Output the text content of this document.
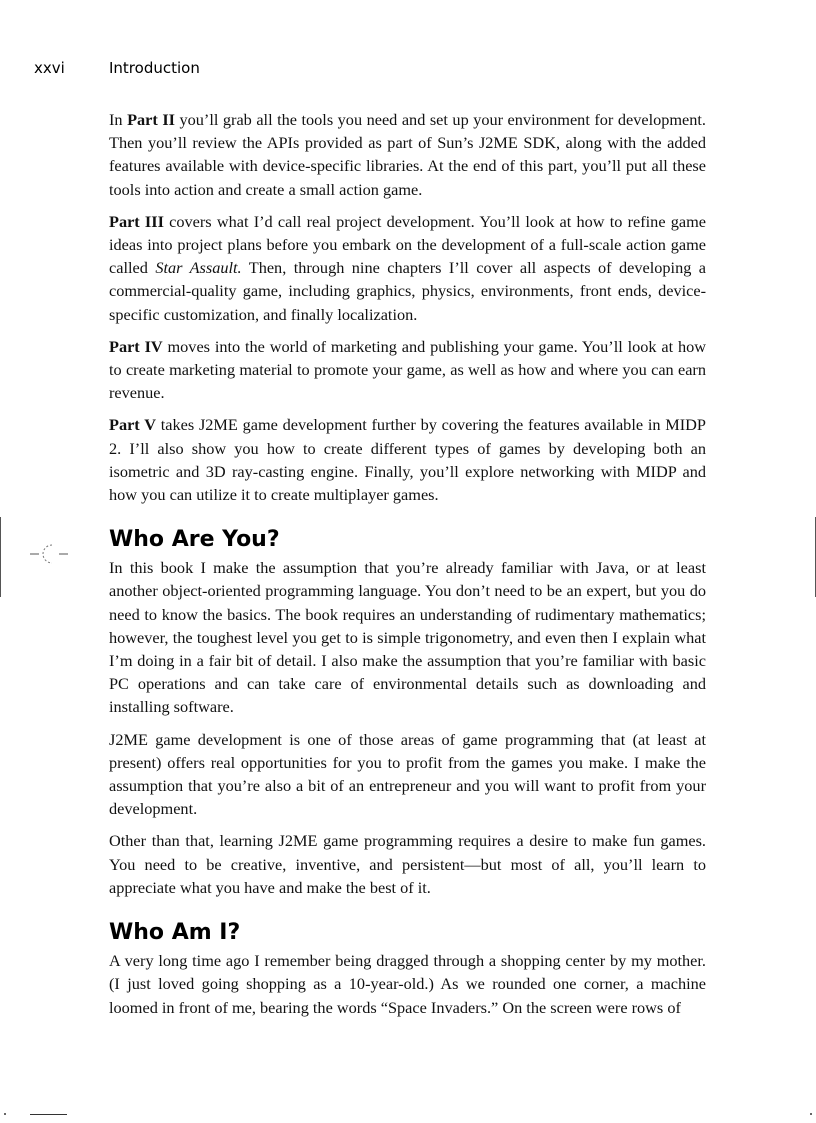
xxvi	Introduction

In Part II you’ll grab all the tools you need and set up your environment for development. Then you’ll review the APIs provided as part of Sun’s J2ME SDK, along with the added features available with device-specific libraries. At the end of this part, you’ll put all these tools into action and create a small action game.

Part III covers what I’d call real project development. You’ll look at how to refine game ideas into project plans before you embark on the development of a full-scale action game called Star Assault. Then, through nine chapters I’ll cover all aspects of developing a commercial-quality game, including graphics, physics, environments, front ends, device-specific customization, and finally localization.

Part IV moves into the world of marketing and publishing your game. You’ll look at how to create marketing material to promote your game, as well as how and where you can earn revenue.

Part V takes J2ME game development further by covering the features available in MIDP 2. I’ll also show you how to create different types of games by developing both an isometric and 3D ray-casting engine. Finally, you’ll explore networking with MIDP and how you can utilize it to create multiplayer games.

Who Are You?

In this book I make the assumption that you’re already familiar with Java, or at least another object-oriented programming language. You don’t need to be an expert, but you do need to know the basics. The book requires an understanding of rudimentary mathematics; however, the toughest level you get to is simple trigonometry, and even then I explain what I’m doing in a fair bit of detail. I also make the assumption that you’re familiar with basic PC operations and can take care of environmental details such as downloading and installing software.

J2ME game development is one of those areas of game programming that (at least at present) offers real opportunities for you to profit from the games you make. I make the assumption that you’re also a bit of an entrepreneur and you will want to profit from your development.

Other than that, learning J2ME game programming requires a desire to make fun games. You need to be creative, inventive, and persistent—but most of all, you’ll learn to appreciate what you have and make the best of it.

Who Am I?

A very long time ago I remember being dragged through a shopping center by my mother. (I just loved going shopping as a 10-year-old.) As we rounded one corner, a machine loomed in front of me, bearing the words “Space Invaders.” On the screen were rows of
